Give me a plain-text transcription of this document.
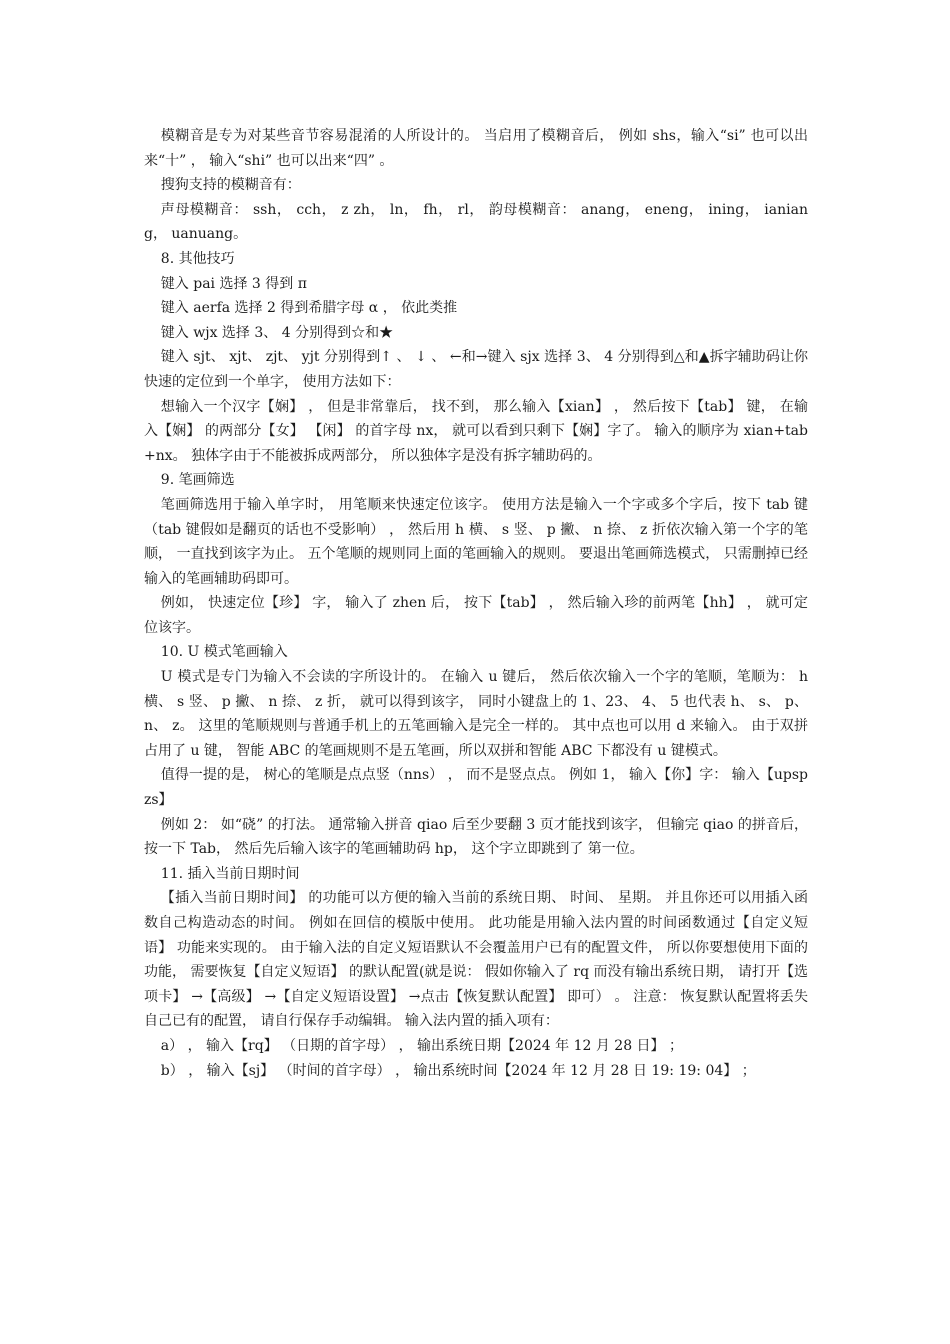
模糊音是专为对某些音节容易混淆的人所设计的。 当启用了模糊音后， 例如 shs，输入“si” 也可以出来“十” ， 输入“shi” 也可以出来“四” 。

搜狗支持的模糊音有：

声母模糊音： ssh， cch， z zh， ln， fh， rl， 韵母模糊音： anang， eneng， ining， ianiang， uanuang。

8. 其他技巧

键入 pai 选择 3 得到 π

键入 aerfa 选择 2 得到希腊字母 α ， 依此类推

键入 wjx 选择 3、 4 分别得到☆和★

键入 sjt、 xjt、 zjt、 yjt 分别得到↑ 、 ↓ 、 ←和→键入 sjx 选择 3、 4 分别得到△和▲拆字辅助码让你快速的定位到一个单字， 使用方法如下：

想输入一个汉字【娴】 ， 但是非常靠后， 找不到， 那么输入【xian】 ， 然后按下【tab】 键， 在输入【娴】 的两部分【女】 【闲】 的首字母 nx， 就可以看到只剩下【娴】字了。 输入的顺序为 xian+tab+nx。 独体字由于不能被拆成两部分， 所以独体字是没有拆字辅助码的。

9. 笔画筛选

笔画筛选用于输入单字时， 用笔顺来快速定位该字。 使用方法是输入一个字或多个字后，按下 tab 键（tab 键假如是翻页的话也不受影响） ， 然后用 h 横、 s 竖、 p 撇、 n 捺、 z 折依次输入第一个字的笔顺， 一直找到该字为止。 五个笔顺的规则同上面的笔画输入的规则。 要退出笔画筛选模式， 只需删掉已经输入的笔画辅助码即可。

例如， 快速定位【珍】 字， 输入了 zhen 后， 按下【tab】 ， 然后输入珍的前两笔【hh】 ， 就可定位该字。

10. U 模式笔画输入

U 模式是专门为输入不会读的字所设计的。 在输入 u 键后， 然后依次输入一个字的笔顺，笔顺为： h 横、 s 竖、 p 撇、 n 捺、 z 折， 就可以得到该字， 同时小键盘上的 1、23、 4、 5 也代表 h、 s、 p、 n、 z。 这里的笔顺规则与普通手机上的五笔画输入是完全一样的。 其中点也可以用 d 来输入。 由于双拼占用了 u 键， 智能 ABC 的笔画规则不是五笔画，所以双拼和智能 ABC 下都没有 u 键模式。

值得一提的是， 树心的笔顺是点点竖（nns） ， 而不是竖点点。 例如 1， 输入【你】字： 输入【upspzs】

例如 2： 如“硗” 的打法。 通常输入拼音 qiao 后至少要翻 3 页才能找到该字， 但输完 qiao 的拼音后， 按一下 Tab， 然后先后输入该字的笔画辅助码 hp， 这个字立即跳到了 第一位。

11. 插入当前日期时间

【插入当前日期时间】 的功能可以方便的输入当前的系统日期、 时间、 星期。 并且你还可以用插入函数自己构造动态的时间。 例如在回信的模版中使用。 此功能是用输入法内置的时间函数通过【自定义短语】 功能来实现的。 由于输入法的自定义短语默认不会覆盖用户已有的配置文件， 所以你要想使用下面的功能， 需要恢复【自定义短语】 的默认配置(就是说： 假如你输入了 rq 而没有输出系统日期， 请打开【选项卡】 →【高级】 →【自定义短语设置】 →点击【恢复默认配置】 即可） 。 注意： 恢复默认配置将丢失自己已有的配置， 请自行保存手动编辑。 输入法内置的插入项有：

a） ， 输入【rq】 （日期的首字母） ， 输出系统日期【2024 年 12 月 28 日】 ；

b） ， 输入【sj】 （时间的首字母） ， 输出系统时间【2024 年 12 月 28 日 19: 19: 04】 ；
